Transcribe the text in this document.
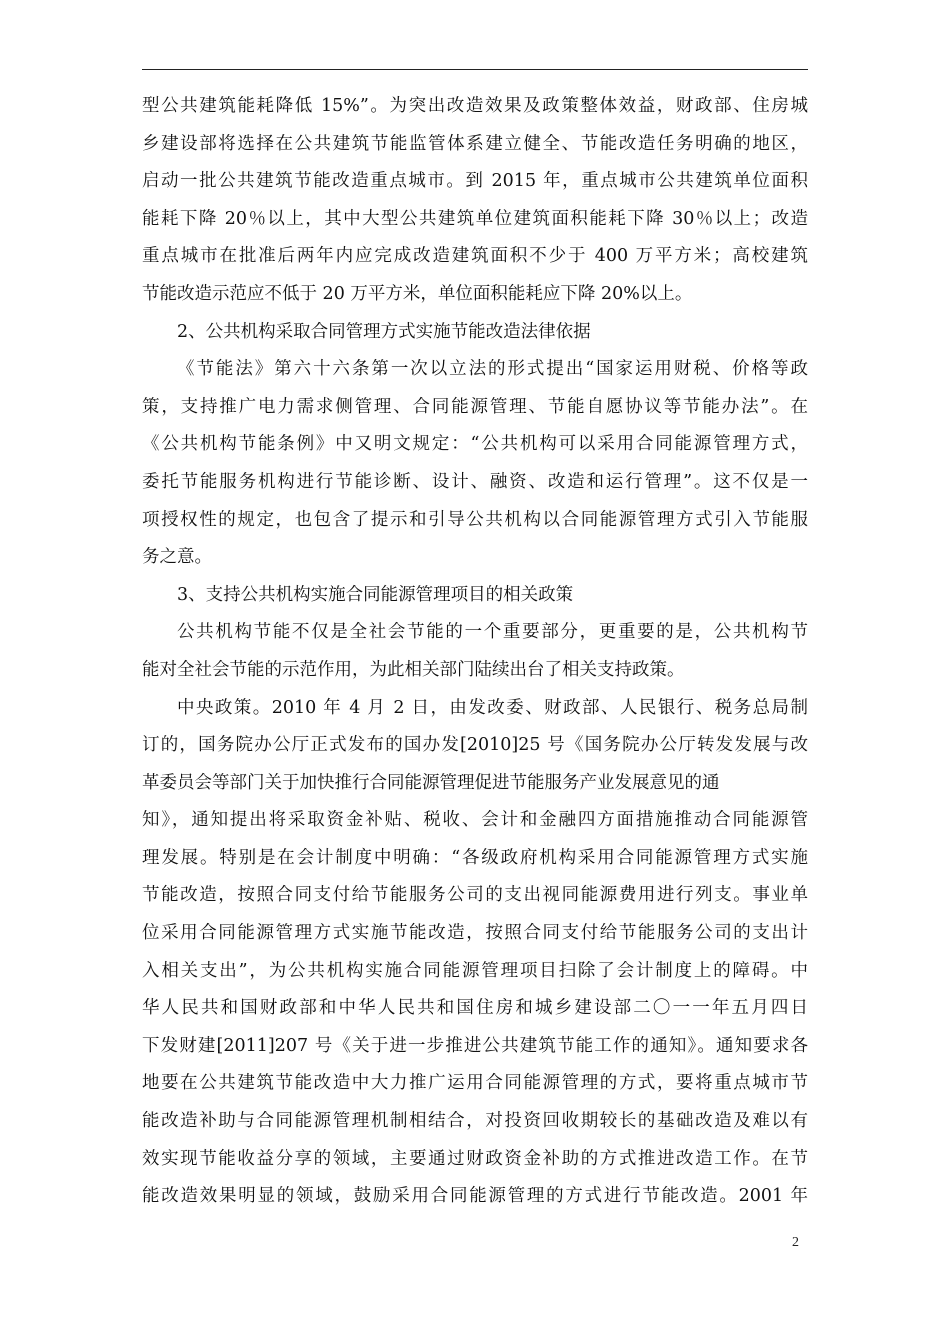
型公共建筑能耗降低 15%”。为突出改造效果及政策整体效益，财政部、住房城
乡建设部将选择在公共建筑节能监管体系建立健全、节能改造任务明确的地区，
启动一批公共建筑节能改造重点城市。到 2015 年，重点城市公共建筑单位面积
能耗下降 20％以上，其中大型公共建筑单位建筑面积能耗下降 30％以上；改造
重点城市在批准后两年内应完成改造建筑面积不少于 400 万平方米；高校建筑
节能改造示范应不低于 20 万平方米，单位面积能耗应下降 20%以上。
2、公共机构采取合同管理方式实施节能改造法律依据
《节能法》第六十六条第一次以立法的形式提出“国家运用财税、价格等政
策，支持推广电力需求侧管理、合同能源管理、节能自愿协议等节能办法”。在
《公共机构节能条例》中又明文规定：“公共机构可以采用合同能源管理方式，
委托节能服务机构进行节能诊断、设计、融资、改造和运行管理”。这不仅是一
项授权性的规定，也包含了提示和引导公共机构以合同能源管理方式引入节能服
务之意。
3、支持公共机构实施合同能源管理项目的相关政策
公共机构节能不仅是全社会节能的一个重要部分，更重要的是，公共机构节
能对全社会节能的示范作用，为此相关部门陆续出台了相关支持政策。
中央政策。2010 年 4 月 2 日，由发改委、财政部、人民银行、税务总局制
订的，国务院办公厅正式发布的国办发[2010]25 号《国务院办公厅转发发展与改
革委员会等部门关于加快推行合同能源管理促进节能服务产业发展意见的通
知》，通知提出将采取资金补贴、税收、会计和金融四方面措施推动合同能源管
理发展。特别是在会计制度中明确：“各级政府机构采用合同能源管理方式实施
节能改造，按照合同支付给节能服务公司的支出视同能源费用进行列支。事业单
位采用合同能源管理方式实施节能改造，按照合同支付给节能服务公司的支出计
入相关支出”，为公共机构实施合同能源管理项目扫除了会计制度上的障碍。中
华人民共和国财政部和中华人民共和国住房和城乡建设部二〇一一年五月四日
下发财建[2011]207 号《关于进一步推进公共建筑节能工作的通知》。通知要求各
地要在公共建筑节能改造中大力推广运用合同能源管理的方式，要将重点城市节
能改造补助与合同能源管理机制相结合，对投资回收期较长的基础改造及难以有
效实现节能收益分享的领域，主要通过财政资金补助的方式推进改造工作。在节
能改造效果明显的领域，鼓励采用合同能源管理的方式进行节能改造。2001 年
2
